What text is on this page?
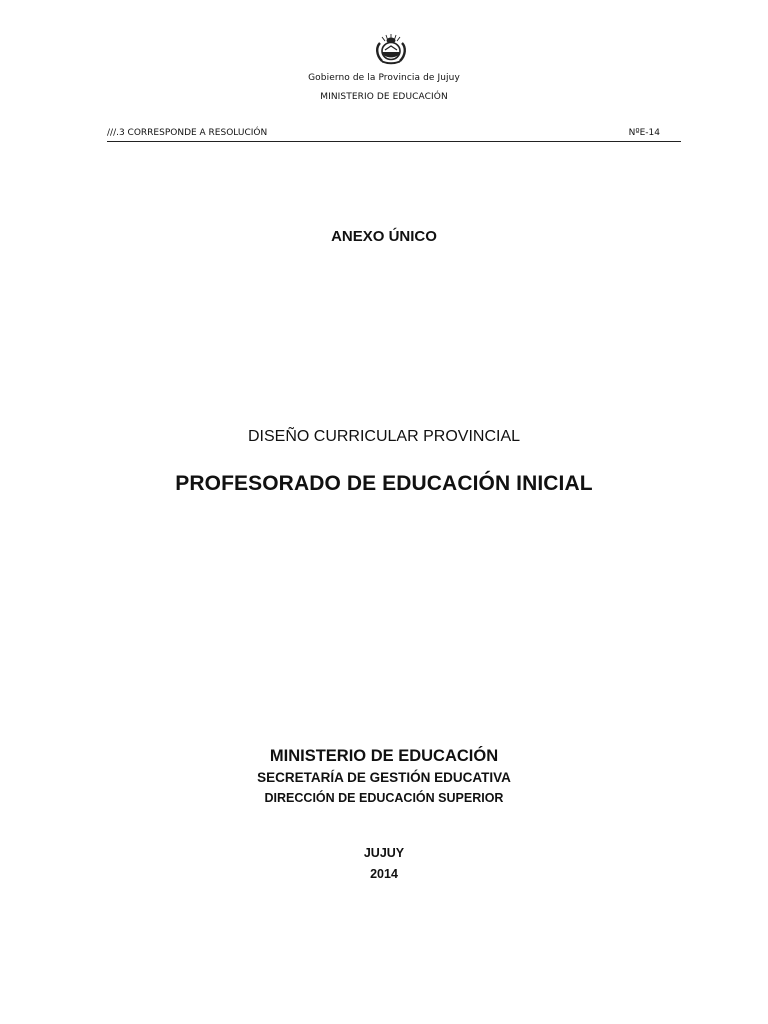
Gobierno de la Provincia de Jujuy
MINISTERIO DE EDUCACIÓN
///.3 CORRESPONDE A RESOLUCIÓN	NºE-14
ANEXO ÚNICO
DISEÑO CURRICULAR PROVINCIAL
PROFESORADO DE EDUCACIÓN INICIAL
MINISTERIO DE EDUCACIÓN
SECRETARÍA DE GESTIÓN EDUCATIVA
DIRECCIÓN DE EDUCACIÓN SUPERIOR
JUJUY
2014
